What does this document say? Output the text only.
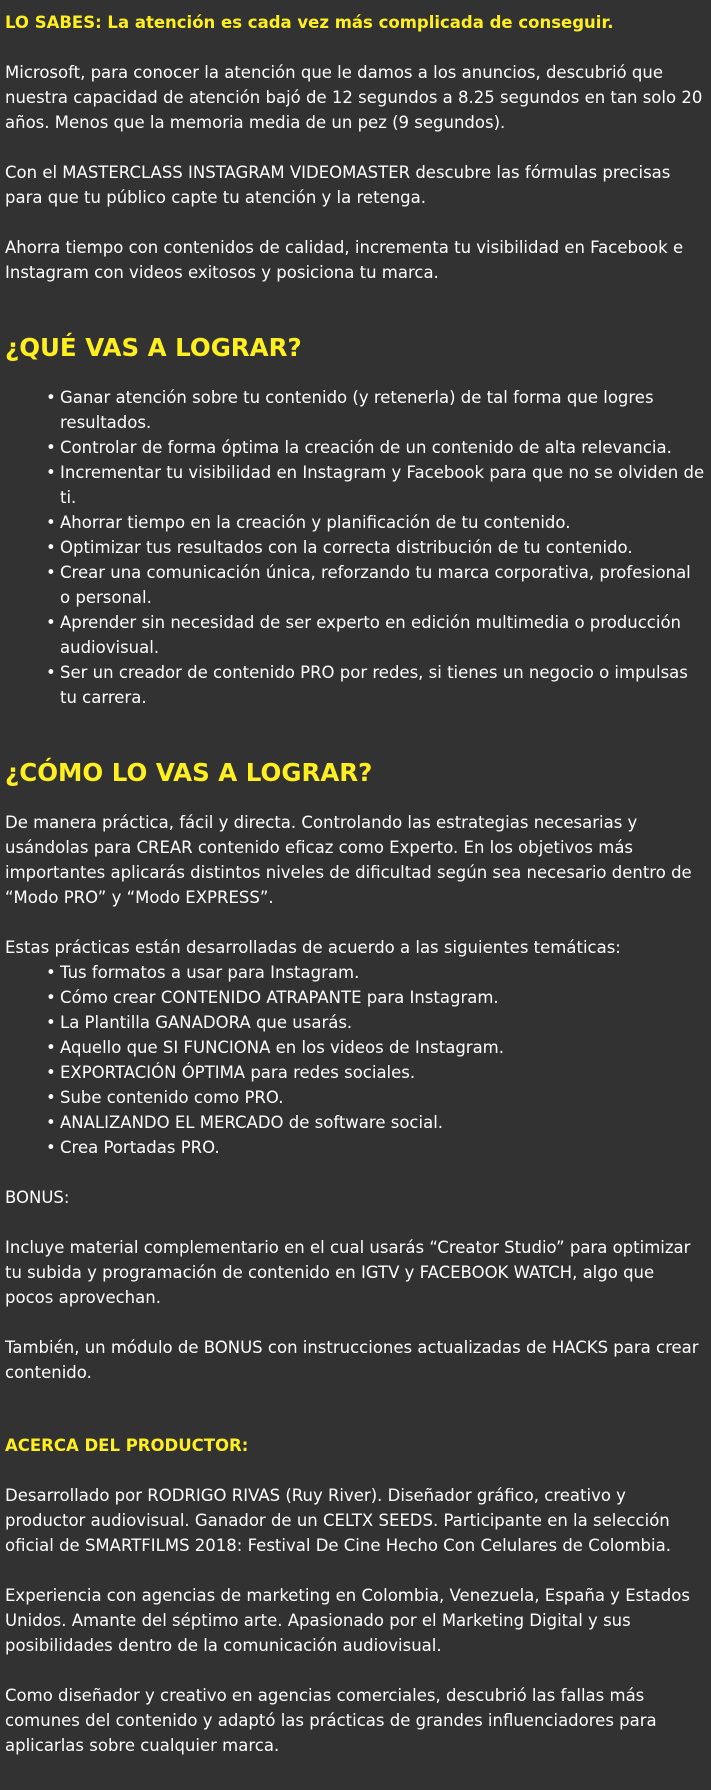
LO SABES: La atención es cada vez más complicada de conseguir.

Microsoft, para conocer la atención que le damos a los anuncios, descubrió que nuestra capacidad de atención bajó de 12 segundos a 8.25 segundos en tan solo 20 años. Menos que la memoria media de un pez (9 segundos).

Con el MASTERCLASS INSTAGRAM VIDEOMASTER descubre las fórmulas precisas para que tu público capte tu atención y la retenga.

Ahorra tiempo con contenidos de calidad, incrementa tu visibilidad en Facebook e Instagram con videos exitosos y posiciona tu marca.

¿QUÉ VAS A LOGRAR?
• Ganar atención sobre tu contenido (y retenerla) de tal forma que logres resultados.
• Controlar de forma óptima la creación de un contenido de alta relevancia.
• Incrementar tu visibilidad en Instagram y Facebook para que no se olviden de ti.
• Ahorrar tiempo en la creación y planificación de tu contenido.
• Optimizar tus resultados con la correcta distribución de tu contenido.
• Crear una comunicación única, reforzando tu marca corporativa, profesional o personal.
• Aprender sin necesidad de ser experto en edición multimedia o producción audiovisual.
• Ser un creador de contenido PRO por redes, si tienes un negocio o impulsas tu carrera.
¿CÓMO LO VAS A LOGRAR?

De manera práctica, fácil y directa. Controlando las estrategias necesarias y usándolas para CREAR contenido eficaz como Experto. En los objetivos más importantes aplicarás distintos niveles de dificultad según sea necesario dentro de “Modo PRO” y “Modo EXPRESS”.

Estas prácticas están desarrolladas de acuerdo a las siguientes temáticas:

• Tus formatos a usar para Instagram.
• Cómo crear CONTENIDO ATRAPANTE para Instagram.
• La Plantilla GANADORA que usarás.
• Aquello que SI FUNCIONA en los videos de Instagram.
• EXPORTACIÓN ÓPTIMA para redes sociales.
• Sube contenido como PRO.
• ANALIZANDO EL MERCADO de software social.
• Crea Portadas PRO.

BONUS:

Incluye material complementario en el cual usarás “Creator Studio” para optimizar tu subida y programación de contenido en IGTV y FACEBOOK WATCH, algo que pocos aprovechan.

También, un módulo de BONUS con instrucciones actualizadas de HACKS para crear contenido.

ACERCA DEL PRODUCTOR:

Desarrollado por RODRIGO RIVAS (Ruy River). Diseñador gráfico, creativo y productor audiovisual. Ganador de un CELTX SEEDS. Participante en la selección oficial de SMARTFILMS 2018: Festival De Cine Hecho Con Celulares de Colombia.

Experiencia con agencias de marketing en Colombia, Venezuela, España y Estados Unidos. Amante del séptimo arte. Apasionado por el Marketing Digital y sus posibilidades dentro de la comunicación audiovisual.

Como diseñador y creativo en agencias comerciales, descubrió las fallas más comunes del contenido y adaptó las prácticas de grandes influenciadores para aplicarlas sobre cualquier marca.
